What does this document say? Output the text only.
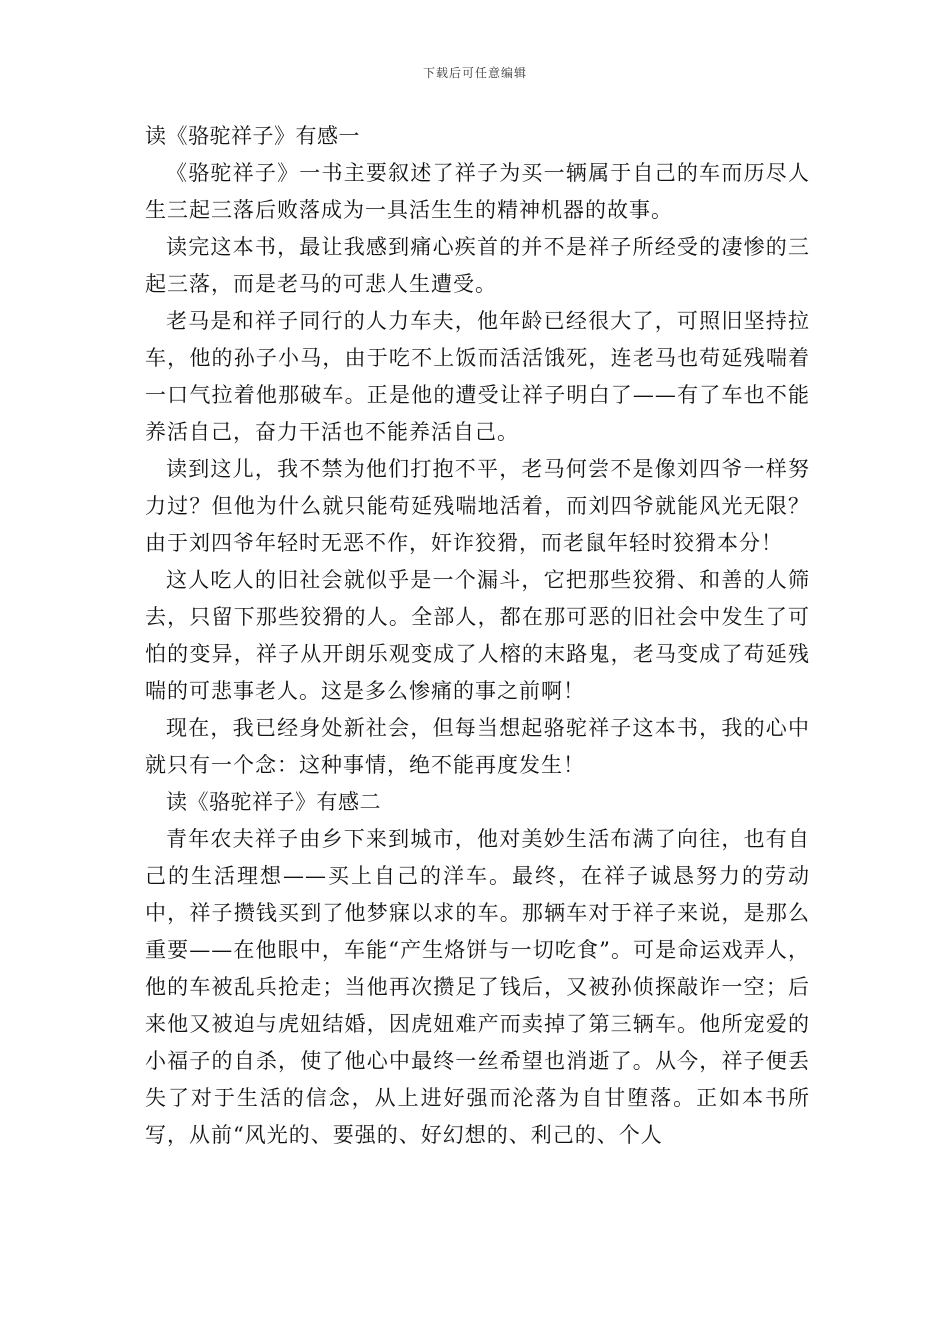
下载后可任意编辑
读《骆驼祥子》有感一

《骆驼祥子》一书主要叙述了祥子为买一辆属于自己的车而历尽人生三起三落后败落成为一具活生生的精神机器的故事。

读完这本书，最让我感到痛心疾首的并不是祥子所经受的凄惨的三起三落，而是老马的可悲人生遭受。

老马是和祥子同行的人力车夫，他年龄已经很大了，可照旧坚持拉车，他的孙子小马，由于吃不上饭而活活饿死，连老马也苟延残喘着一口气拉着他那破车。正是他的遭受让祥子明白了——有了车也不能养活自己，奋力干活也不能养活自己。

读到这儿，我不禁为他们打抱不平，老马何尝不是像刘四爷一样努力过？但他为什么就只能苟延残喘地活着，而刘四爷就能风光无限？由于刘四爷年轻时无恶不作，奸诈狡猾，而老鼠年轻时狡猾本分！

这人吃人的旧社会就似乎是一个漏斗，它把那些狡猾、和善的人筛去，只留下那些狡猾的人。全部人，都在那可恶的旧社会中发生了可怕的变异，祥子从开朗乐观变成了人榕的末路鬼，老马变成了苟延残喘的可悲事老人。这是多么惨痛的事之前啊！

现在，我已经身处新社会，但每当想起骆驼祥子这本书，我的心中就只有一个念：这种事情，绝不能再度发生！

读《骆驼祥子》有感二

青年农夫祥子由乡下来到城市，他对美妙生活布满了向往，也有自己的生活理想——买上自己的洋车。最终，在祥子诚恳努力的劳动中，祥子攒钱买到了他梦寐以求的车。那辆车对于祥子来说，是那么重要——在他眼中，车能“产生烙饼与一切吃食”。可是命运戏弄人，他的车被乱兵抢走；当他再次攒足了钱后，又被孙侦探敲诈一空；后来他又被迫与虎妞结婚，因虎妞难产而卖掉了第三辆车。他所宠爱的小福子的自杀，使了他心中最终一丝希望也消逝了。从今，祥子便丢失了对于生活的信念，从上进好强而沦落为自甘堕落。正如本书所写，从前“风光的、要强的、好幻想的、利己的、个人
